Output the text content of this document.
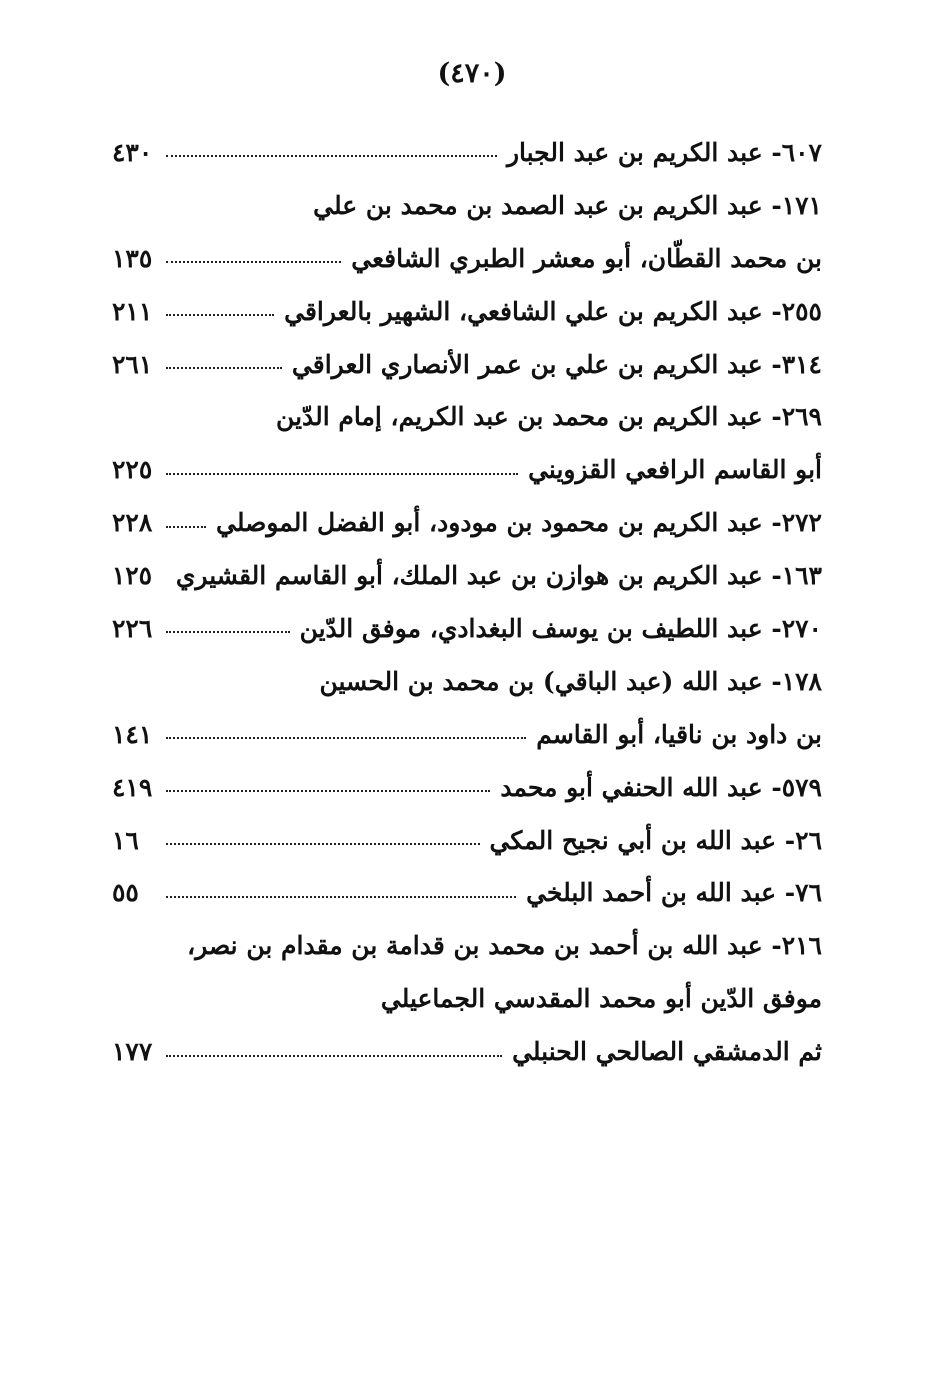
(٤٧٠)
٦٠٧- عبد الكريم بن عبد الجبار
٤٣٠
١٧١- عبد الكريم بن عبد الصمد بن محمد بن علي
بن محمد القطّان، أبو معشر الطبري الشافعي
١٣٥
٢٥٥- عبد الكريم بن علي الشافعي، الشهير بالعراقي
٢١١
٣١٤- عبد الكريم بن علي بن عمر الأنصاري العراقي
٢٦١
٢٦٩- عبد الكريم بن محمد بن عبد الكريم، إمام الدّين
أبو القاسم الرافعي القزويني
٢٢٥
٢٧٢- عبد الكريم بن محمود بن مودود، أبو الفضل الموصلي
٢٢٨
١٦٣- عبد الكريم بن هوازن بن عبد الملك، أبو القاسم القشيري
١٢٥
٢٧٠- عبد اللطيف بن يوسف البغدادي، موفق الدّين
٢٢٦
١٧٨- عبد الله (عبد الباقي) بن محمد بن الحسين
بن داود بن ناقيا، أبو القاسم
١٤١
٥٧٩- عبد الله الحنفي أبو محمد
٤١٩
٢٦- عبد الله بن أبي نجيح المكي
١٦
٧٦- عبد الله بن أحمد البلخي
٥٥
٢١٦- عبد الله بن أحمد بن محمد بن قدامة بن مقدام بن نصر،
موفق الدّين أبو محمد المقدسي الجماعيلي
ثم الدمشقي الصالحي الحنبلي
١٧٧
